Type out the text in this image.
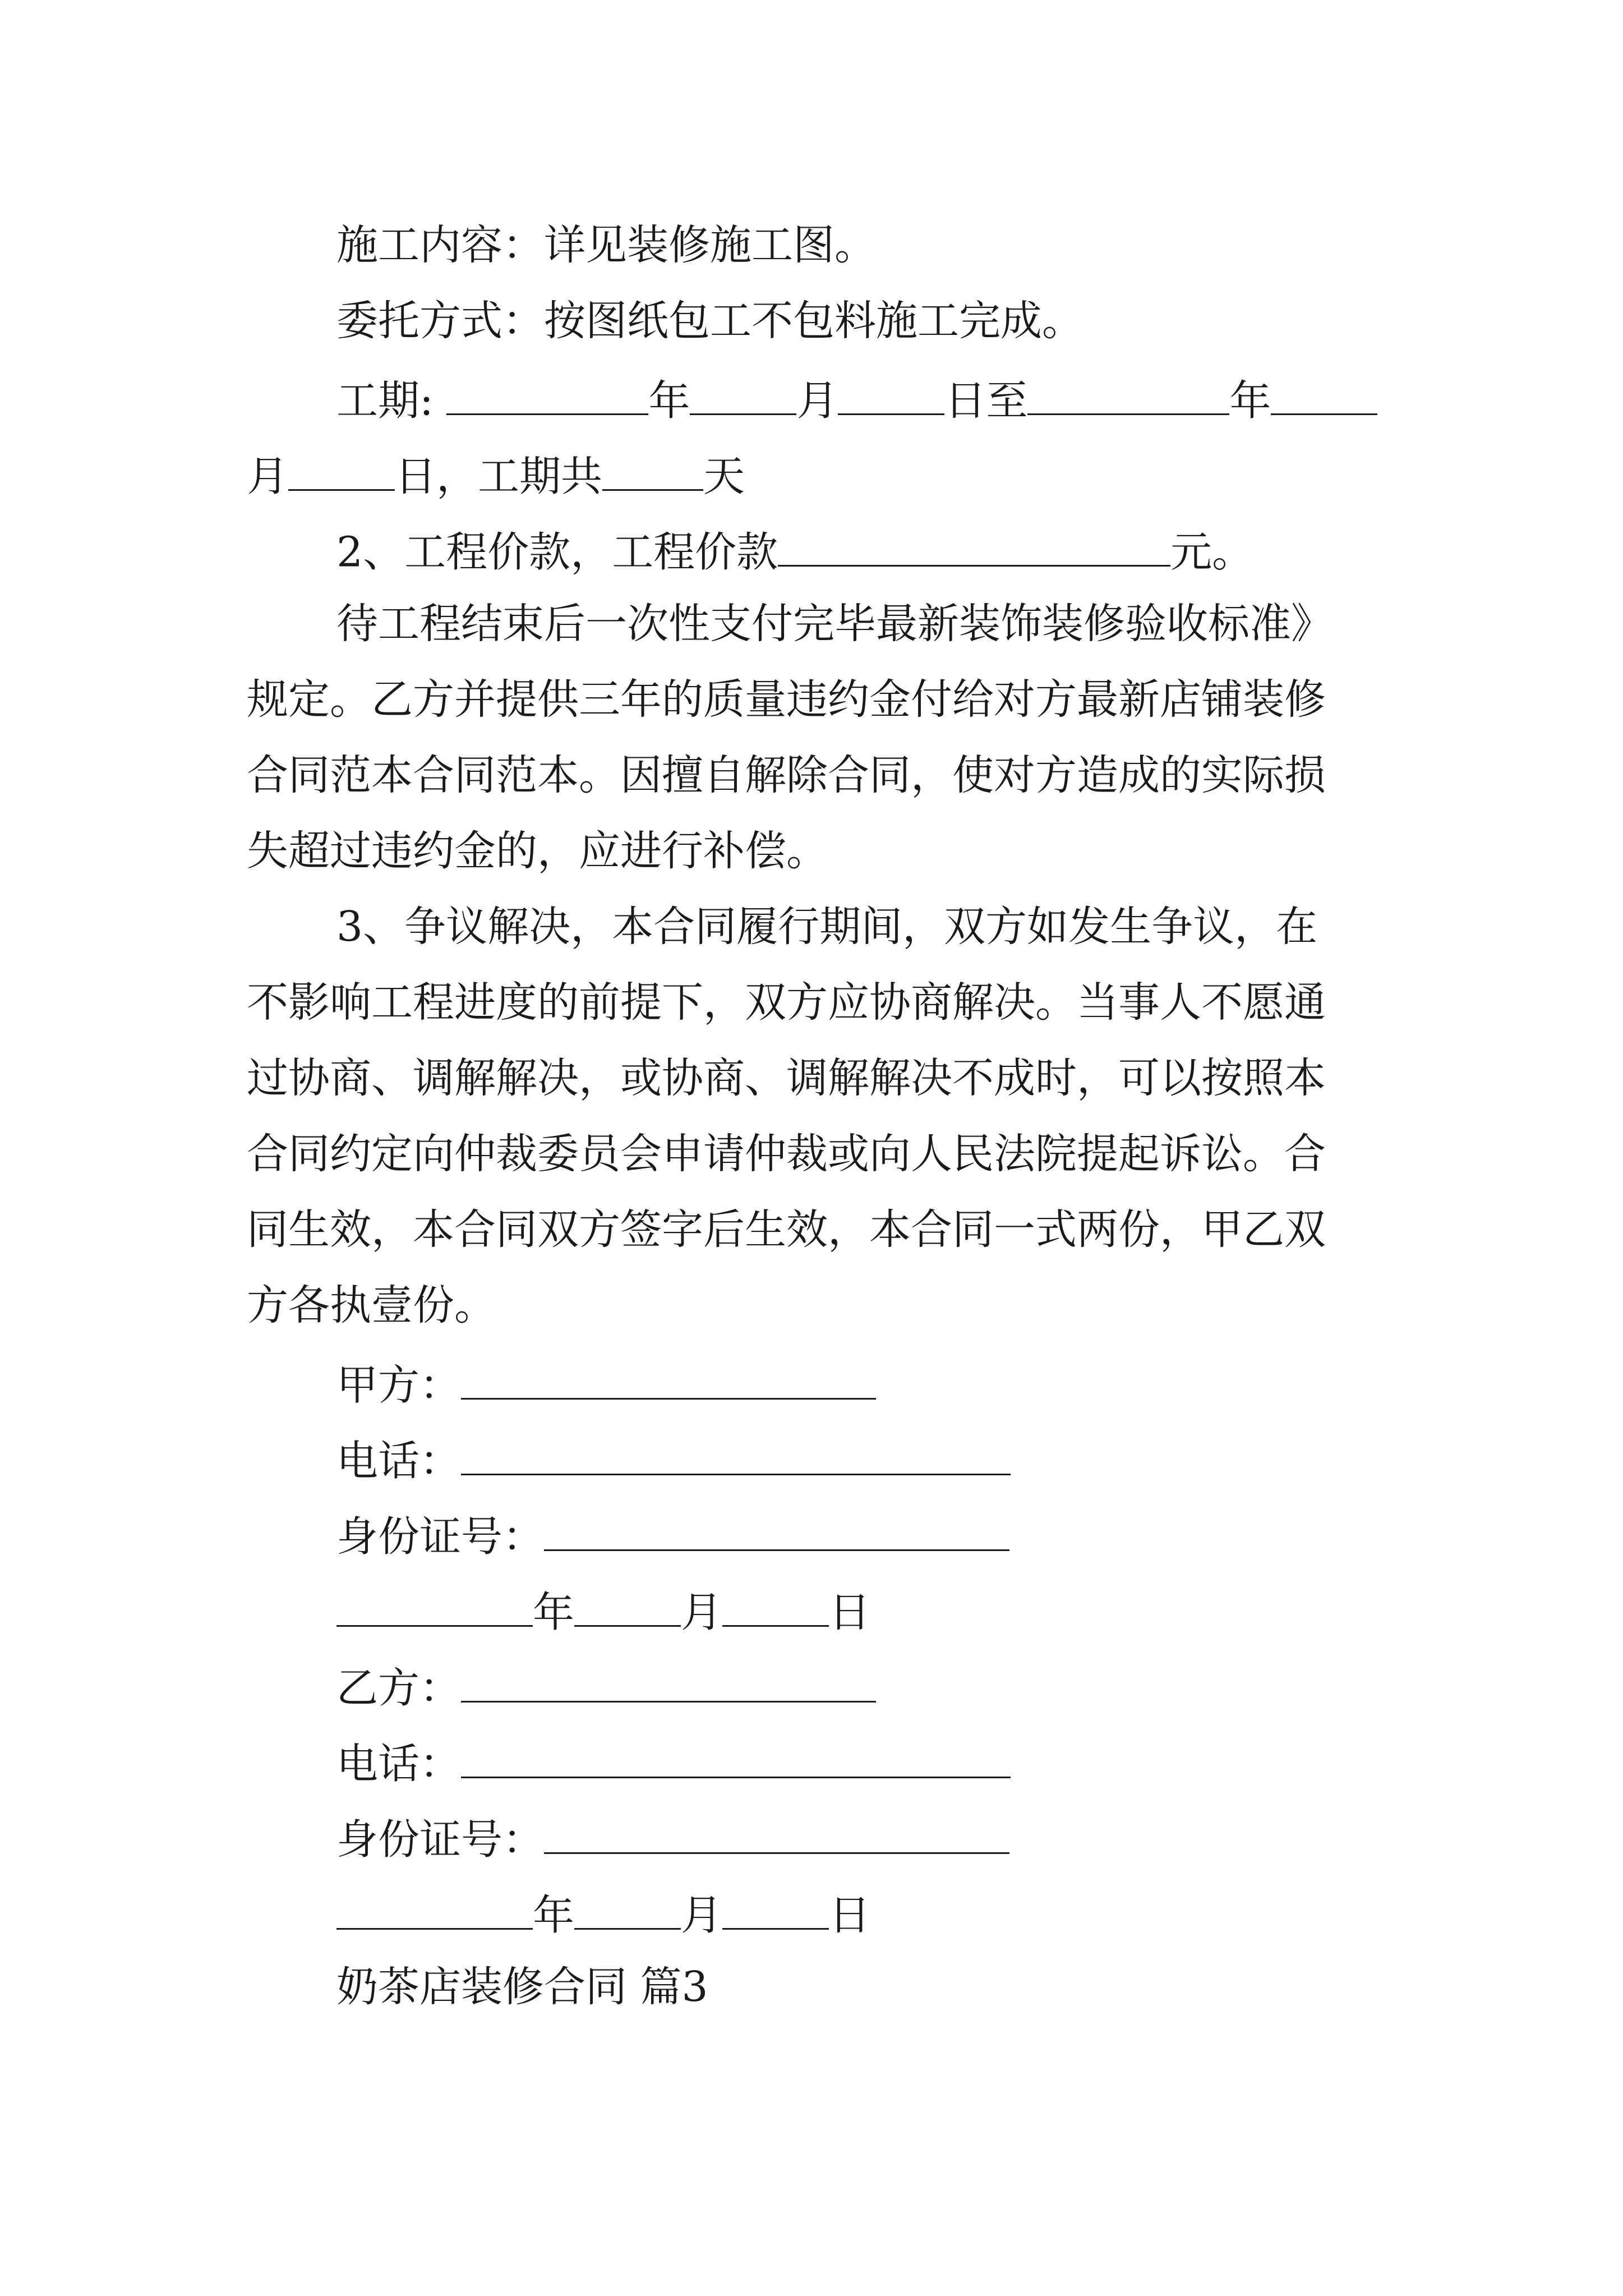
施工内容：详见装修施工图。
委托方式：按图纸包工不包料施工完成。
工期:	年	月	日至	年
月	日，工期共 天
2、工程价款，工程价款	元。
待工程结束后一次性支付完毕最新装饰装修验收标准》
规定。乙方并提供三年的质量违约金付给对方最新店铺装修
合同范本合同范本。因擅自解除合同，使对方造成的实际损
失超过违约金的，应进行补偿。
3、争议解决，本合同履行期间，双方如发生争议，在
不影响工程进度的前提下，双方应协商解决。当事人不愿通
过协商、调解解决，或协商、调解解决不成时，可以按照本
合同约定向仲裁委员会申请仲裁或向人民法院提起诉讼。合
同生效，本合同双方签字后生效，本合同一式两份，甲乙双
方各执壹份。
甲方：
电话：
身份证号：
年	月	日
乙方：
电话：
身份证号：
年	月	日
奶茶店装修合同 篇3
